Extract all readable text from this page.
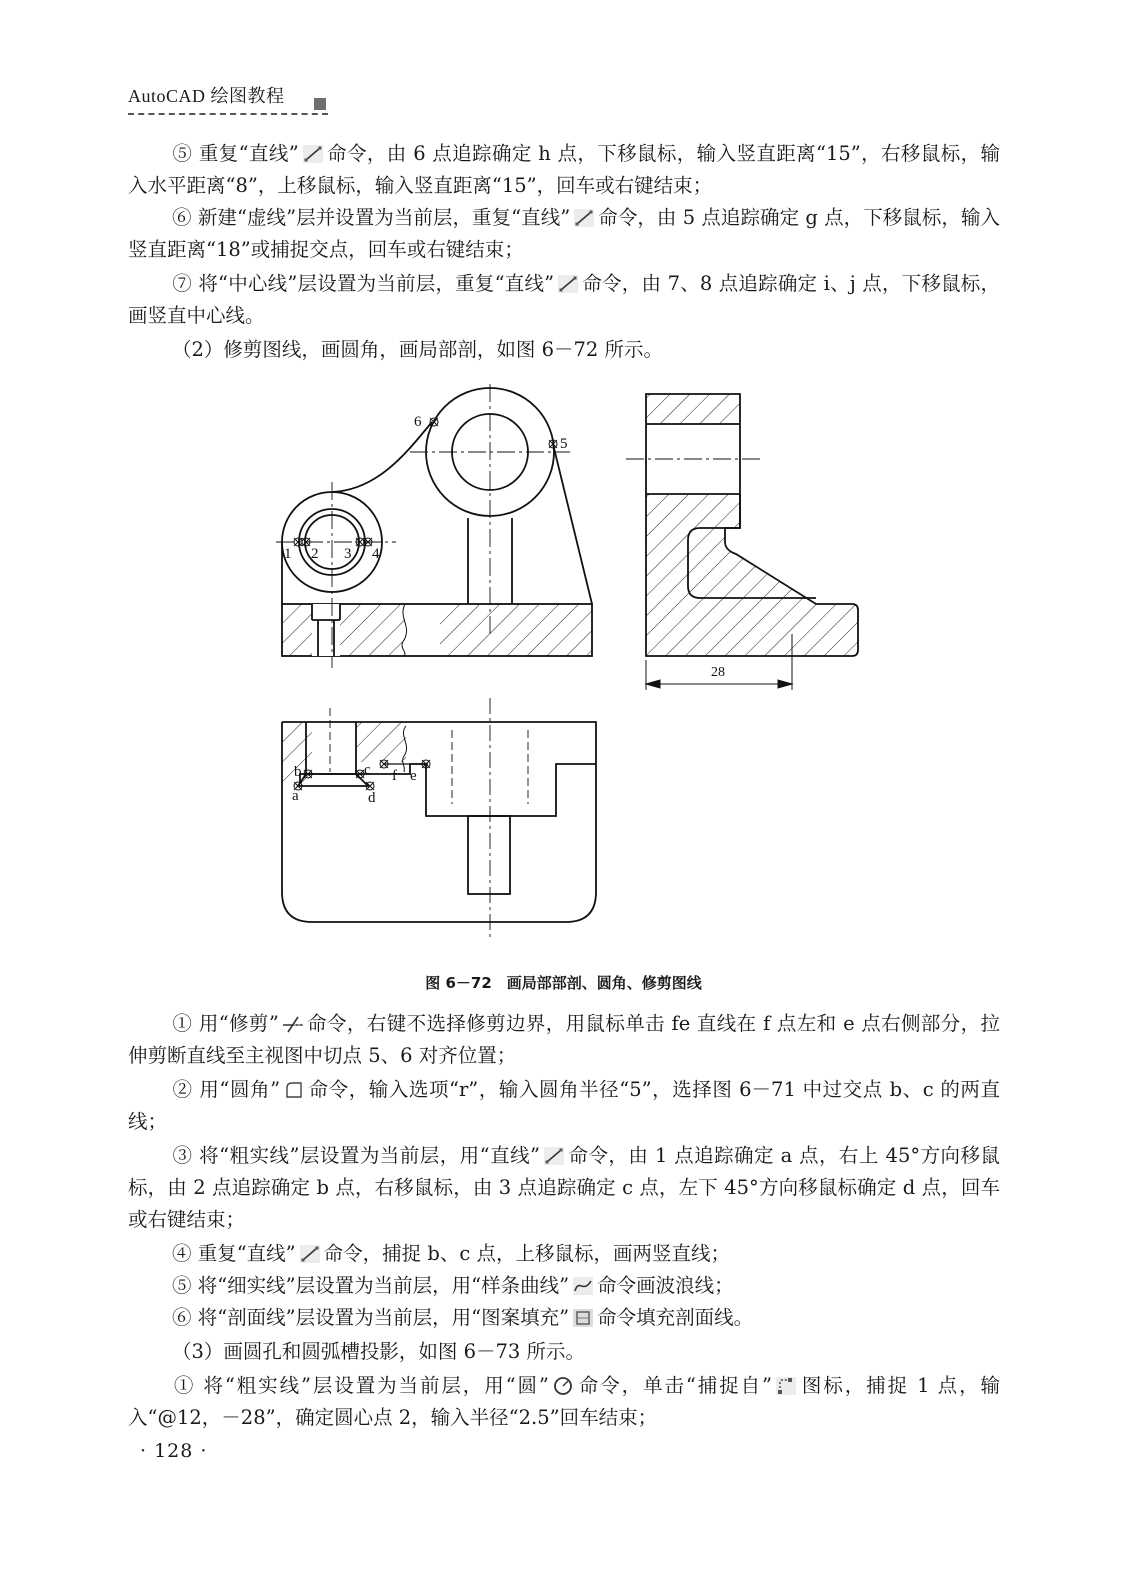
AutoCAD 绘图教程

⑤ 重复“直线” 命令，由 6 点追踪确定 h 点，下移鼠标，输入竖直距离“15”，右移鼠标，输入水平距离“8”，上移鼠标，输入竖直距离“15”，回车或右键结束；

⑥ 新建“虚线”层并设置为当前层，重复“直线” 命令，由 5 点追踪确定 g 点，下移鼠标，输入竖直距离“18”或捕捉交点，回车或右键结束；

⑦ 将“中心线”层设置为当前层，重复“直线” 命令，由 7、8 点追踪确定 i、j 点，下移鼠标，画竖直中心线。

（2）修剪图线，画圆角，画局部剖，如图 6－72 所示。

6
5
1 2 3 4
a
b	c
d
e
f
28
图 6－72　画局部部剖、圆角、修剪图线

① 用“修剪” 命令，右键不选择修剪边界，用鼠标单击 fe 直线在 f 点左和 e 点右侧部分，拉伸剪断直线至主视图中切点 5、6 对齐位置；

② 用“圆角” 命令，输入选项“r”，输入圆角半径“5”，选择图 6－71 中过交点 b、c 的两直线；

③ 将“粗实线”层设置为当前层，用“直线” 命令，由 1 点追踪确定 a 点，右上 45°方向移鼠标，由 2 点追踪确定 b 点，右移鼠标，由 3 点追踪确定 c 点，左下 45°方向移鼠标确定 d 点，回车或右键结束；

④ 重复“直线” 命令，捕捉 b、c 点，上移鼠标，画两竖直线；

⑤ 将“细实线”层设置为当前层，用“样条曲线” 命令画波浪线；

⑥ 将“剖面线”层设置为当前层，用“图案填充” 命令填充剖面线。

（3）画圆孔和圆弧槽投影，如图 6－73 所示。

① 将“粗实线”层设置为当前层，用“圆” 命令，单击“捕捉自” 图标，捕捉 1 点，输入“@12，－28”，确定圆心点 2，输入半径“2.5”回车结束；

· 128 ·
